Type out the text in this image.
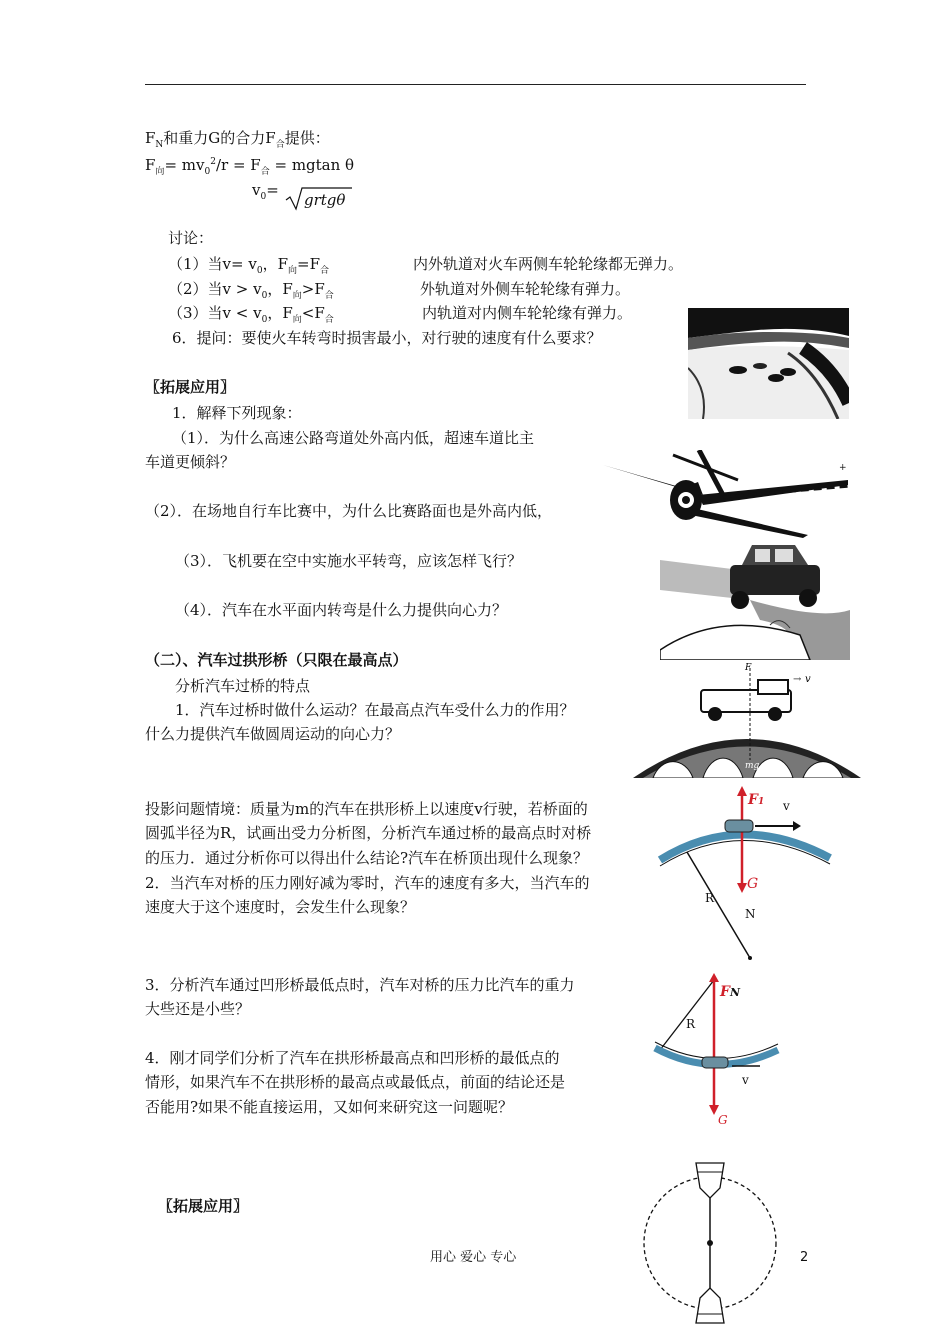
$F_N$和重力G的合力$F_合$提供：
$F_向= mv_0^2/r = F_合 = mgtan$ θ
$v_0=$
grtgθ
讨论：
（1）当$v= v_0$，$F_向=F_合$	内外轨道对火车两侧车轮轮缘都无弹力。
（2）当$v > v_0$，$F_向>F_合$	外轨道对外侧车轮轮缘有弹力。
（3）当$v < v_0$，$F_向<F_合$	内轨道对内侧车轮轮缘有弹力。
6．提问：要使火车转弯时损害最小，对行驶的速度有什么要求？
〖拓展应用〗
1．解释下列现象：
（1）．为什么高速公路弯道处外高内低，超速车道比主
车道更倾斜？
（2）．在场地自行车比赛中，为什么比赛路面也是外高内低，
（3）．飞机要在空中实施水平转弯，应该怎样飞行？
（4）．汽车在水平面内转弯是什么力提供向心力？
+
（二）、汽车过拱形桥（只限在最高点）
分析汽车过桥的特点
1．汽车过桥时做什么运动？在最高点汽车受什么力的作用？
什么力提供汽车做圆周运动的向心力？
F
→ v
mg
投影问题情境：质量为m的汽车在拱形桥上以速度v行驶，若桥面的
圆弧半径为R，试画出受力分析图，分析汽车通过桥的最高点时对桥
的压力．通过分析你可以得出什么结论?汽车在桥顶出现什么现象？
2．当汽车对桥的压力刚好减为零时，汽车的速度有多大，当汽车的
速度大于这个速度时，会发生什么现象？
F1 v
G
R
N
3．分析汽车通过凹形桥最低点时，汽车对桥的压力比汽车的重力
大些还是小些？
FN
R
v
G
4．刚才同学们分析了汽车在拱形桥最高点和凹形桥的最低点的
情形，如果汽车不在拱形桥的最高点或最低点，前面的结论还是
否能用?如果不能直接运用，又如何来研究这一问题呢？
〖拓展应用〗
用心 爱心 专心	2
